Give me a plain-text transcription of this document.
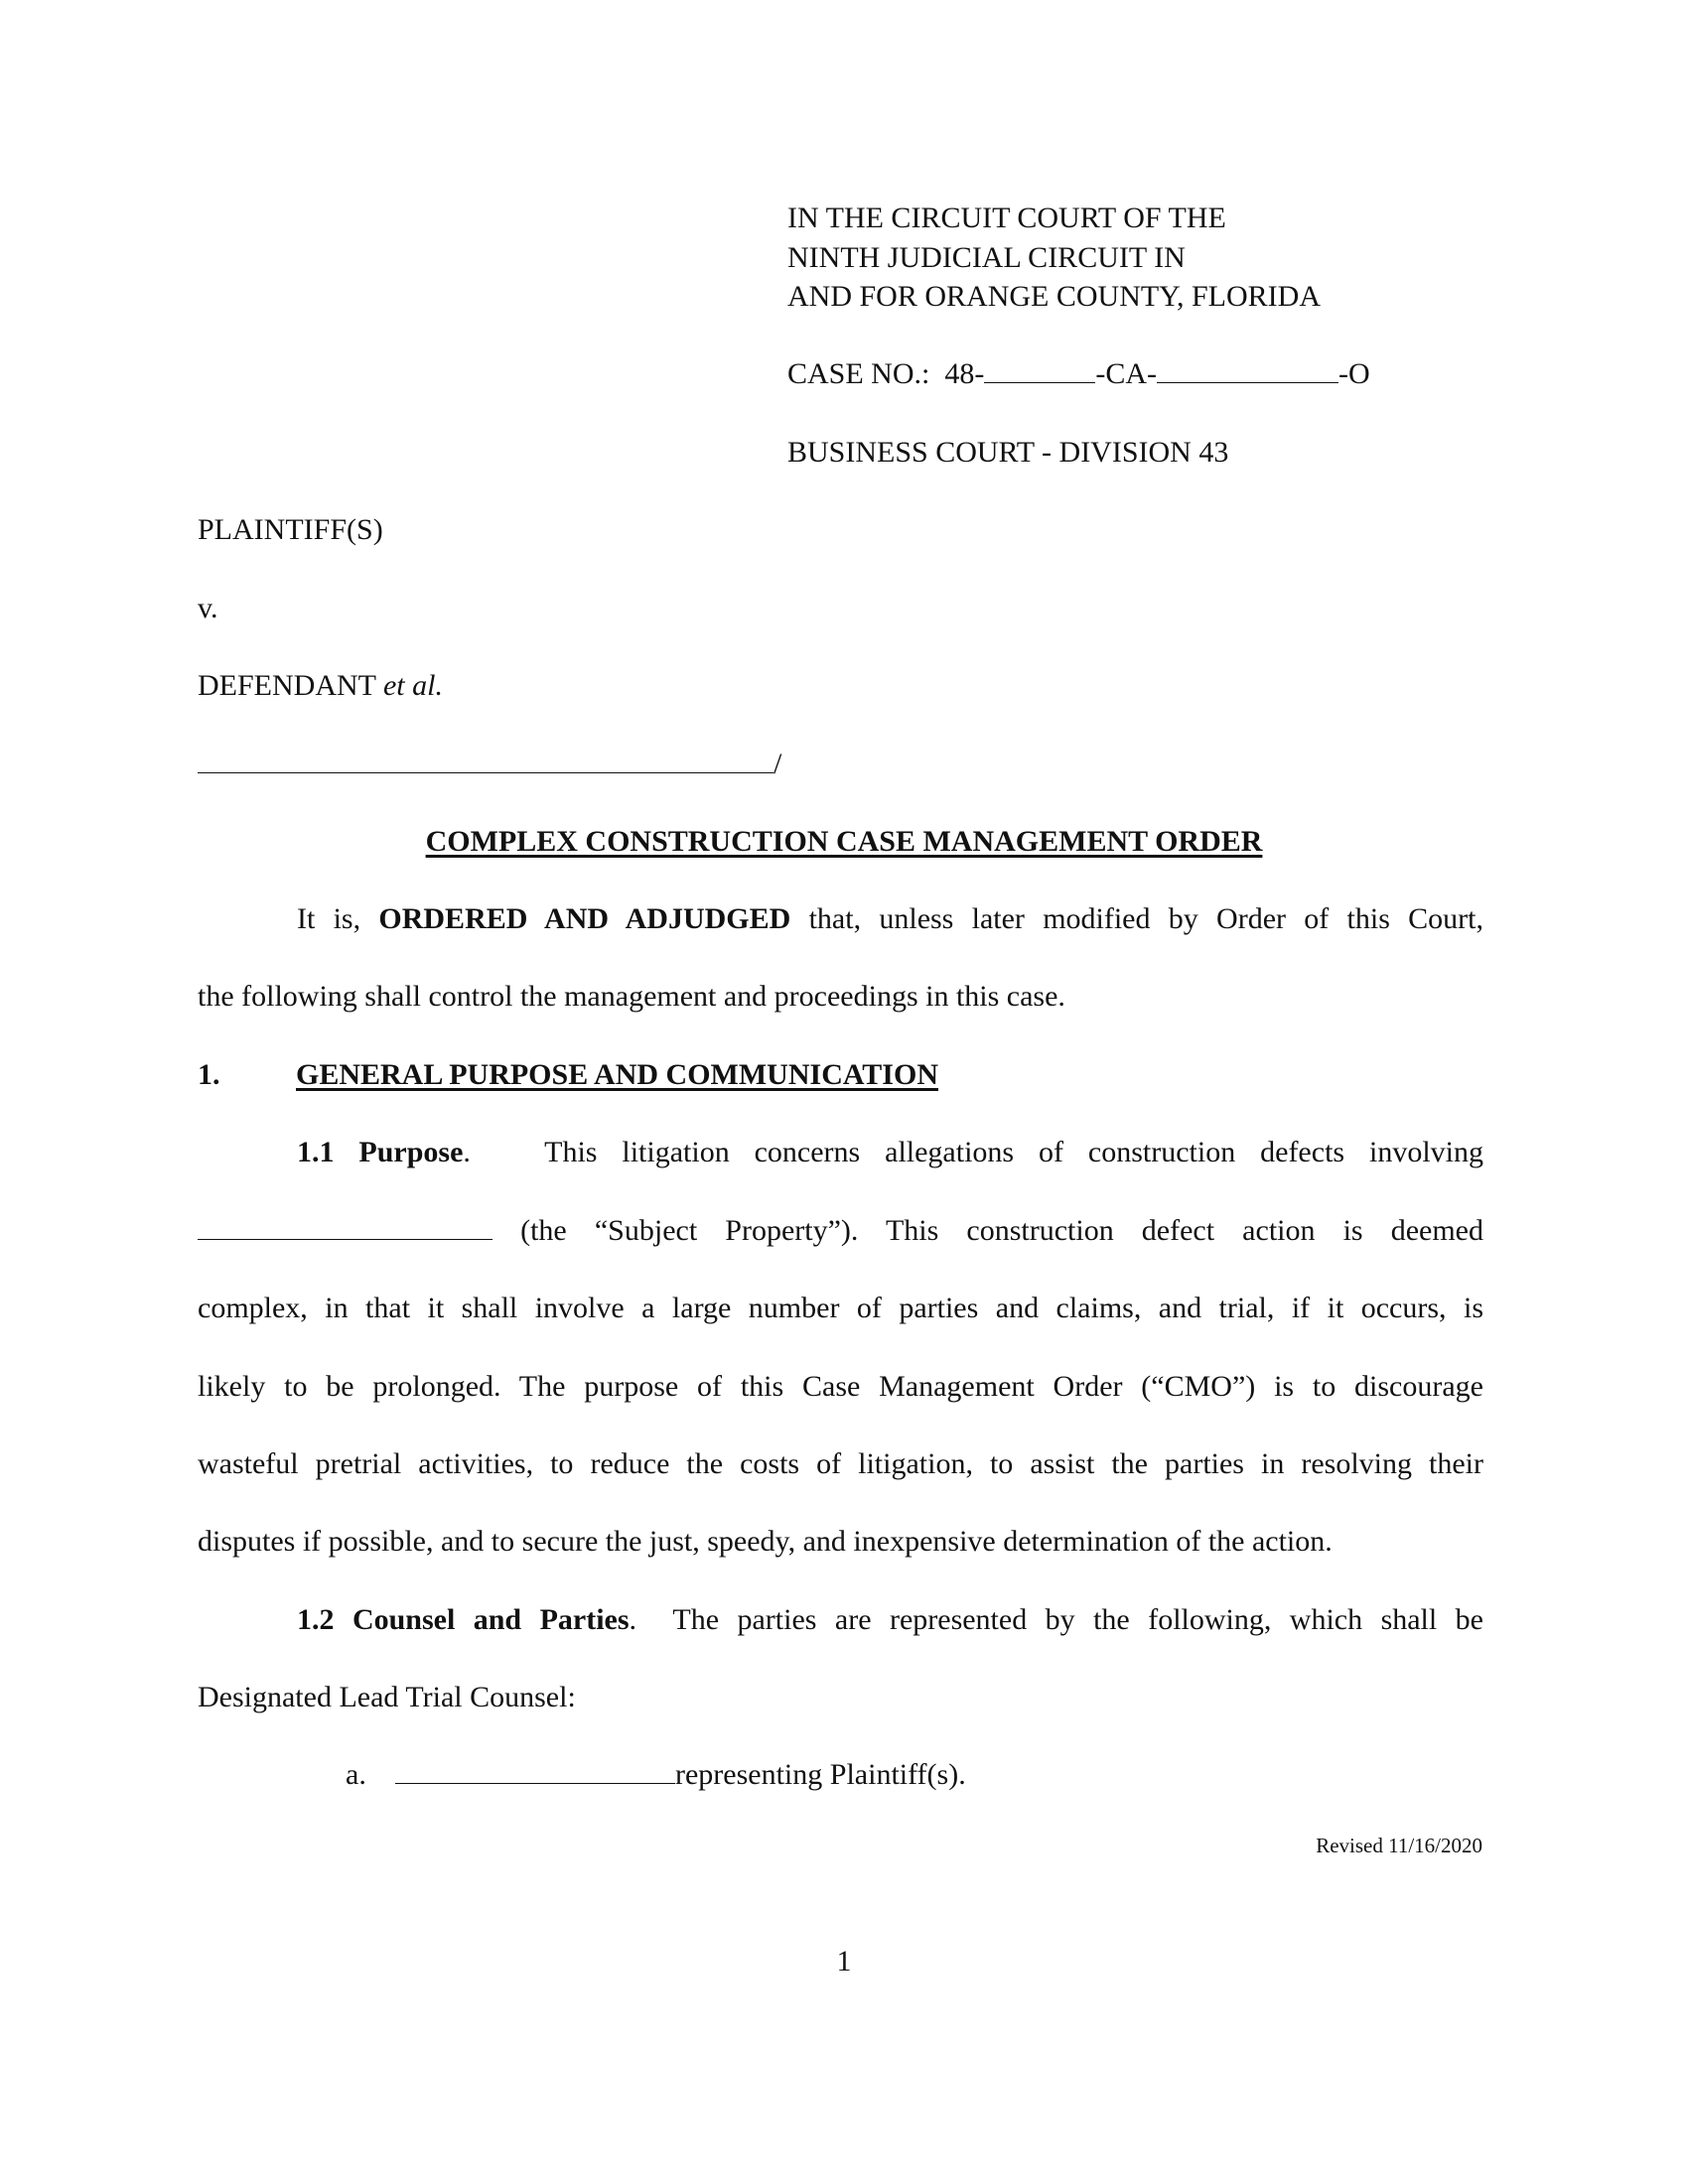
IN THE CIRCUIT COURT OF THE
NINTH JUDICIAL CIRCUIT IN
AND FOR ORANGE COUNTY, FLORIDA
CASE NO.: 48-	-CA-	-O
BUSINESS COURT - DIVISION 43
PLAINTIFF(S)
v.
DEFENDANT et al.
/
COMPLEX CONSTRUCTION CASE MANAGEMENT ORDER
It is, ORDERED AND ADJUDGED that, unless later modified by Order of this Court,
the following shall control the management and proceedings in this case.
1.	GENERAL PURPOSE AND COMMUNICATION
1.1 Purpose.   This litigation concerns allegations of construction defects involving
(the “Subject Property”). This construction defect action is deemed
complex, in that it shall involve a large number of parties and claims, and trial, if it occurs, is
likely to be prolonged. The purpose of this Case Management Order (“CMO”) is to discourage
wasteful pretrial activities, to reduce the costs of litigation, to assist the parties in resolving their
disputes if possible, and to secure the just, speedy, and inexpensive determination of the action.
1.2 Counsel and Parties.  The parties are represented by the following, which shall be
Designated Lead Trial Counsel:
a.	representing Plaintiff(s).
Revised 11/16/2020
1
